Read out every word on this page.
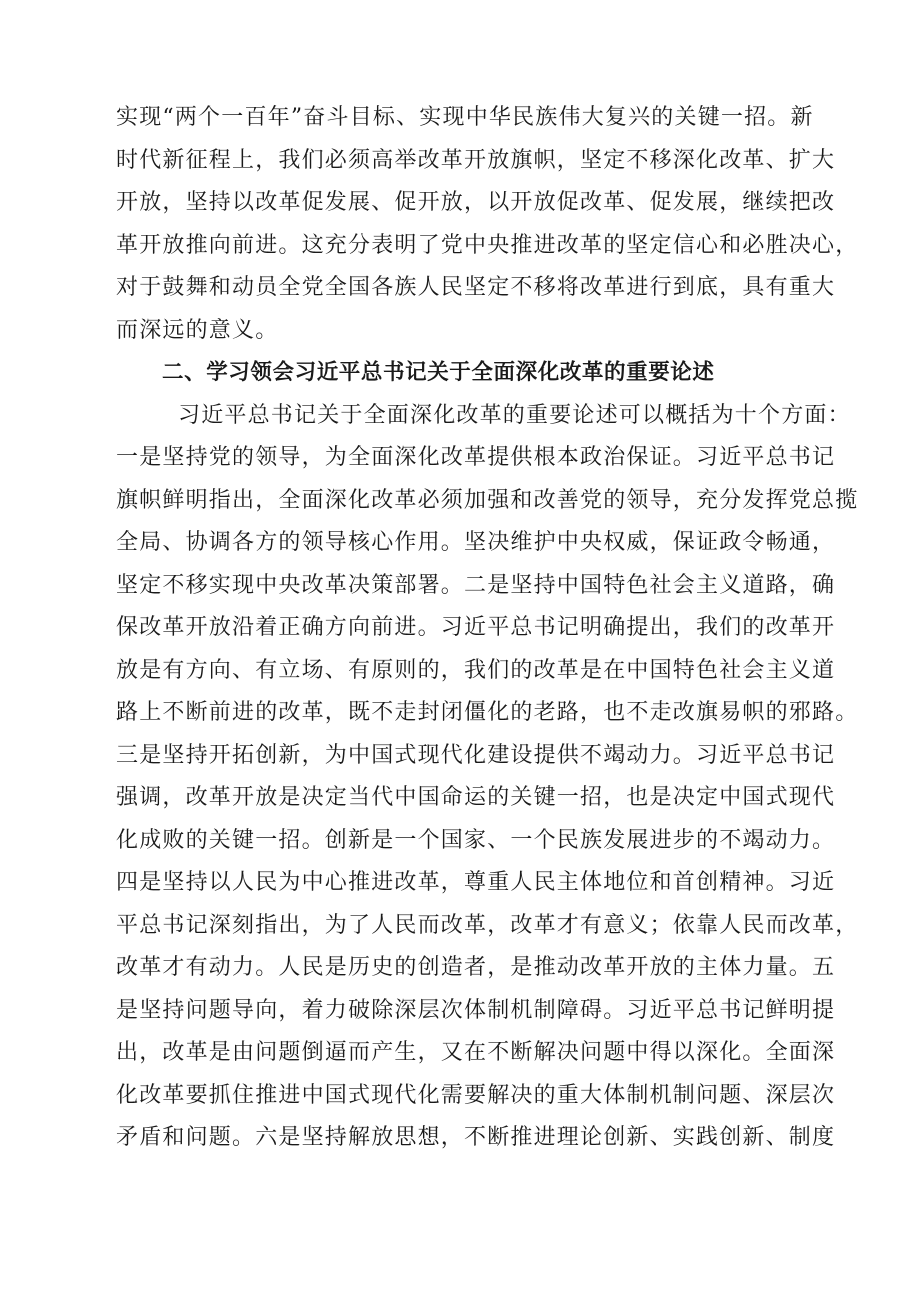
实现“两个一百年”奋斗目标、实现中华民族伟大复兴的关键一招。新
时代新征程上，我们必须高举改革开放旗帜，坚定不移深化改革、扩大
开放，坚持以改革促发展、促开放，以开放促改革、促发展，继续把改
革开放推向前进。这充分表明了党中央推进改革的坚定信心和必胜决心，
对于鼓舞和动员全党全国各族人民坚定不移将改革进行到底，具有重大
而深远的意义。
二、学习领会习近平总书记关于全面深化改革的重要论述
习近平总书记关于全面深化改革的重要论述可以概括为十个方面：
一是坚持党的领导，为全面深化改革提供根本政治保证。习近平总书记
旗帜鲜明指出，全面深化改革必须加强和改善党的领导，充分发挥党总揽
全局、协调各方的领导核心作用。坚决维护中央权威，保证政令畅通，
坚定不移实现中央改革决策部署。二是坚持中国特色社会主义道路，确
保改革开放沿着正确方向前进。习近平总书记明确提出，我们的改革开
放是有方向、有立场、有原则的，我们的改革是在中国特色社会主义道
路上不断前进的改革，既不走封闭僵化的老路，也不走改旗易帜的邪路。
三是坚持开拓创新，为中国式现代化建设提供不竭动力。习近平总书记
强调，改革开放是决定当代中国命运的关键一招，也是决定中国式现代
化成败的关键一招。创新是一个国家、一个民族发展进步的不竭动力。
四是坚持以人民为中心推进改革，尊重人民主体地位和首创精神。习近
平总书记深刻指出，为了人民而改革，改革才有意义；依靠人民而改革，
改革才有动力。人民是历史的创造者，是推动改革开放的主体力量。五
是坚持问题导向，着力破除深层次体制机制障碍。习近平总书记鲜明提
出，改革是由问题倒逼而产生，又在不断解决问题中得以深化。全面深
化改革要抓住推进中国式现代化需要解决的重大体制机制问题、深层次
矛盾和问题。六是坚持解放思想，不断推进理论创新、实践创新、制度
